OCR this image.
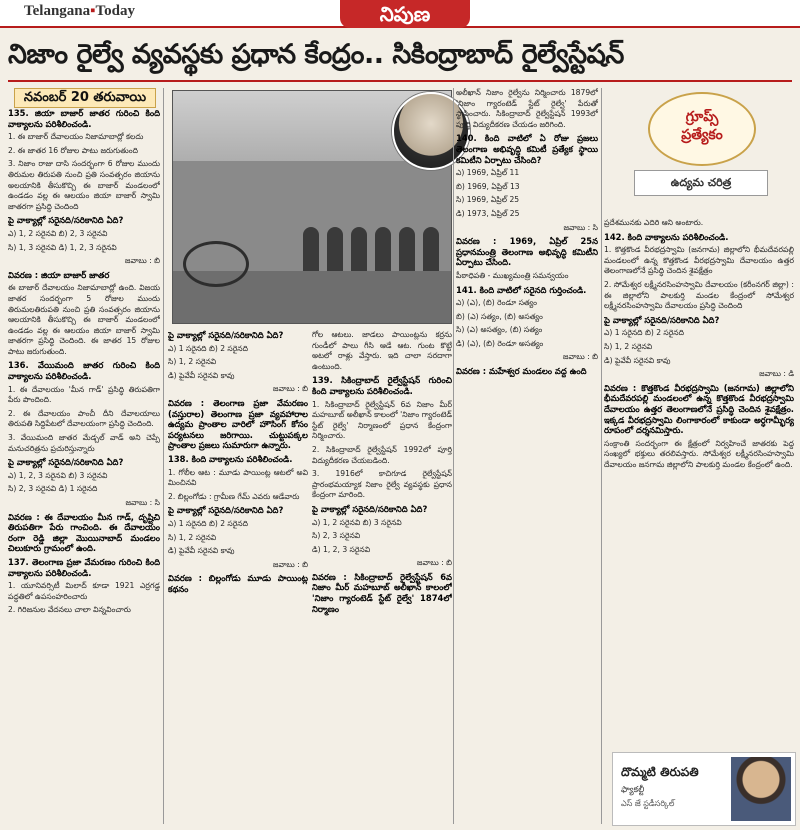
Telangana▪Today	నిపుణ
నిజాం రైల్వే వ్యవస్థకు ప్రధాన కేంద్రం.. సికింద్రాబాద్ రైల్వేస్టేషన్
నవంబర్ 20 తరువాయి
గ్రూప్స్
ప్రత్యేకం
ఉద్యమ చరిత్ర

135. జియా బాజార్ జాతర గురించి కింది వాక్యాలను పరిశీలించండి.

1. ఈ బాజార్ దేవాలయం నిజామాబాద్లో కలదు

2. ఈ జాతర 16 రోజుల పాటు జరుగుతుంది

3. నిజాం రాజు దాసి సందర్భంగా 6 రోజుల ముందు తిరుమల తిరుపతి నుంచి ప్రతి సంవత్సరం జియాను అలయానికి తీసుకొచ్చి ఈ బాజార్ మండలంలో ఉండడం వల్ల ఈ ఆలయం జియా బాజార్ స్వామి జాతరగా ప్రసిద్ధి చెందింది

పై వాక్యాల్లో సరైనది/సరికానిది ఏది?

ఎ) 1, 2 సరైనవి బి) 2, 3 సరైనవి

సి) 1, 3 సరైనవి డి) 1, 2, 3 సరైనవి

జవాబు : బి

వివరణ : జియా బాజార్ జాతర

ఈ బాజార్ దేవాలయం నిజామాబాద్లో ఉంది. విజయ జాతర సందర్భంగా 5 రోజుల ముందు తిరుమలతిరుపతి నుంచి ప్రతి సంవత్సరం జియాను ఆలయానికి తీసుకొచ్చి ఈ బాజార్ మండలంలో ఉండడం వల్ల ఈ ఆలయం జియా బాజార్ స్వామి జాతరగా ప్రసిద్ధి చెందింది. ఈ జాతర 15 రోజుల పాటు జరుగుతుంది.

136. వేయిమంది జాతర గురించి కింది వాక్యాలను పరిశీలించండి.

1. ఈ దేవాలయం 'మీన గాడ్' ప్రసిద్ధి తిరుపతిగా పేరు పొందింది.

2. ఈ దేవాలయం పాంచీ దీని దేవాలయాలు తిరుపతి సిద్దిపేటలో దేవాలయంగా ప్రసిద్ధి చెందింది.

3. వేయిమంది జాతర మేడ్చల్ వాడ్ అని చెప్పే మనుచరిత్రను ప్రచురిస్తున్నారు

పై వాక్యాల్లో సరైనది/సరికానిది ఏది?

ఎ) 1, 2, 3 సరైనవి బి) 3 సరైనవి

సి) 2, 3 సరైనవి డి) 1 సరైనది

జవాబు : సి

వివరణ : ఈ దేవాలయం మీన గాడ్, దృష్టిచి తిరుపతిగా పేరు గాంచింది. ఈ దేవాలయం రంగా రెడ్డి జిల్లా మొయినాబాద్ మండలం చిలుకూరు గ్రామంలో ఉంది.

137. తెలంగాణ ప్రజా వేమరణం గురించి కింది వాక్యాలను పరిశీలించండి.

1. యూనివర్సిటీ మిలాద్ కూడా 1921 ఎర్రగడ్డ పద్ధతిలో ఉపసంహరించారు

2. గిరిజనుల వేదనలు చాలా విన్నవించారు

పై వాక్యాల్లో సరైనది/సరికానిది ఏది?

ఎ) 1 సరైనది బి) 2 సరైనది

సి) 1, 2 సరైనవి

డి) పైవేవీ సరైనవి కావు

జవాబు : బి

వివరణ : తెలంగాణ ప్రజా వేమరణం (వస్తురాల) తెలంగాణ ప్రజా వ్యవహారాల ఉద్యమ ప్రాంతాల వారిలో హౌసింగ్ కోసం పర్యటనలు జరిగాయి. చుట్టుపక్కల ప్రాంతాల ప్రజలు సుమారుగా ఉన్నారు.

138. కింది వాక్యాలను పరిశీలించండి.

1. గోలీల ఆట : మూడు పాయింట్ల ఆటలో అవి మించినవి

2. బిల్లంగోడు : గ్రామీణ గేమ్ ఎవరు ఆడేవారు

పై వాక్యాల్లో సరైనది/సరికానిది ఏది?

ఎ) 1 సరైనది బి) 2 సరైనది

సి) 1, 2 సరైనవి

డి) పైవేవీ సరైనవి కావు

జవాబు : బి

వివరణ : బిల్లంగోడు మూడు పాయింట్ల కథనం

గోల ఆటలు. జాడలు పాయింట్లను కర్రను గుండీలో పాలు గీసి ఆడే ఆట. గుంట కొట్టే అటలో రాళ్లు వేస్తారు. ఇది చాలా సరదాగా ఉంటుంది.

139. సికింద్రాబాద్ రైల్వేస్టేషన్ గురించి కింది వాక్యాలను పరిశీలించండి.

1. సికింద్రాబాద్ రైల్వేస్టేషన్ 6వ నిజాం మీర్ మహబూబ్ అలీఖాన్ కాలంలో 'నిజాం గ్యారంటెడ్ స్టేట్ రైల్వే' నిర్మాణంలో ప్రధాన కేంద్రంగా నిర్మించారు.

2. సికింద్రాబాద్ రైల్వేస్టేషన్ 1992లో పూర్తి విద్యుదీకరణ చేయబడింది.

3. 1916లో కాచిగూడ రైల్వేస్టేషన్ ప్రారంభమయ్యాక నిజాం రైల్వే వ్యవస్థకు ప్రధాన కేంద్రంగా మారింది.

పై వాక్యాల్లో సరైనది/సరికానిది ఏది?

ఎ) 1, 2 సరైనవి బి) 3 సరైనవి

సి) 2, 3 సరైనవి

డి) 1, 2, 3 సరైనవి

జవాబు : బి

వివరణ : సికింద్రాబాద్ రైల్వేస్టేషన్ 6వ నిజాం మీర్ మహబూబ్ అలీఖాన్ కాలంలో 'నిజాం గ్యారంటెడ్ స్టేట్ రైల్వే' 1874లో నిర్మాణం

అలీఖాన్ నిజాం రైల్వేను నిర్మించారు 1879లో 'నిజాం గ్యారంటెడ్ స్టేట్ రైల్వే' పేరుతో స్థాపించారు. సికింద్రాబాద్ రైల్వేస్టేషన్ 1993లో పూర్తి విద్యుదీకరణ చేయడం జరిగింది.

140. కింది వాటిలో ఏ రోజు ప్రజలు తెలంగాణ అభివృద్ధి కమిటీ ప్రత్యేక స్థాయి కమిటీని ఏర్పాటు చేసింది?

ఎ) 1969, ఏప్రిల్ 11

బి) 1969, ఏప్రిల్ 13

సి) 1969, ఏప్రిల్ 25

డి) 1973, ఏప్రిల్ 25

జవాబు : సి

వివరణ : 1969, ఏప్రిల్ 25న ప్రధానమంత్రి తెలంగాణ అభివృద్ధి కమిటీని ఏర్పాటు చేసింది.

పీఠాధిపతి - ముఖ్యమంత్రి సమన్వయం

141. కింది వాటిలో సరైనది గుర్తించండి.

ఎ) (ఎ), (బి) రెండూ సత్యం

బి) (ఎ) సత్యం, (బి) అసత్యం

సి) (ఎ) అసత్యం, (బి) సత్యం

డి) (ఎ), (బి) రెండూ అసత్యం

జవాబు : బి

వివరణ : మహేశ్వర మండలం వద్ద ఉంది

ప్రదేశమునకు ఎదిరి ఆని అంటారు.

142. కింది వాక్యాలను పరిశీలించండి.

1. కొత్తకొండ వీరభద్రస్వామి (జనగామ) జిల్లాలోని భీమదేవరపల్లి మండలంలో ఉన్న కొత్తకొండ వీరభద్రస్వామి దేవాలయం ఉత్తర తెలంగాణలోనే ప్రసిద్ధి చెందిన శైవక్షేత్రం

2. సోమేశ్వర లక్ష్మీనరసింహస్వామి దేవాలయం (కరీంనగర్ జిల్లా) : ఈ జిల్లాలోని పాలకుర్తి మండల కేంద్రంలో సోమేశ్వర లక్ష్మీనరసింహస్వామి దేవాలయం ప్రసిద్ధి చెందింది

పై వాక్యాల్లో సరైనది/సరికానిది ఏది?

ఎ) 1 సరైనది బి) 2 సరైనది

సి) 1, 2 సరైనవి

డి) పైవేవీ సరైనవి కావు

జవాబు : డి

వివరణ : కొత్తకొండ వీరభద్రస్వామి (జనగామ) జిల్లాలోని భీమదేవరపల్లి మండలంలో ఉన్న కొత్తకొండ వీరభద్రస్వామి దేవాలయం ఉత్తర తెలంగాణలోనే ప్రసిద్ధి చెందిన శైవక్షేత్రం. ఇక్కడ వీరభద్రస్వామి లింగాకారంలో కాకుండా అర్ధగామ్భీర్య రూపంలో దర్శనమిస్తారు.

సంక్రాంతి సందర్భంగా ఈ క్షేత్రంలో నిర్వహించే జాతరకు పెద్ద సంఖ్యలో భక్తులు తరలివస్తారు. సోమేశ్వర లక్ష్మీనరసింహస్వామి దేవాలయం జనగామ జిల్లాలోని పాలకుర్తి మండల కేంద్రంలో ఉంది.

దొమ్మటి తిరుపతి
ఫ్యాకల్టీ
ఎస్ జే స్టడీసర్కిల్
